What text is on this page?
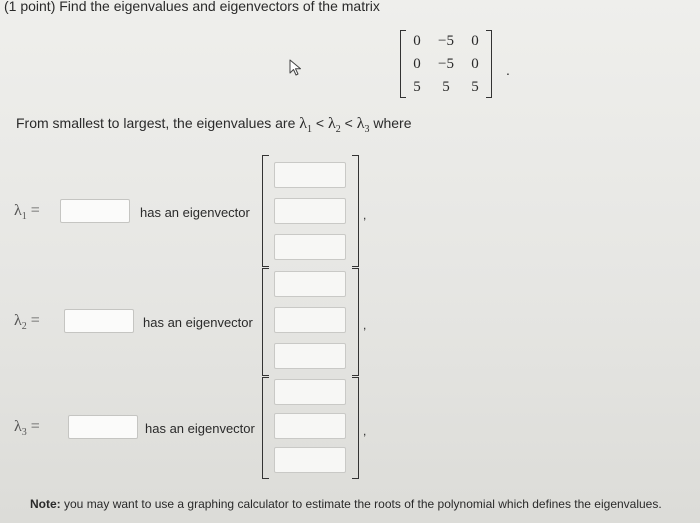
(1 point) Find the eigenvalues and eigenvectors of the matrix
0	−5	0
0	−5	0
5	5	5
.
From smallest to largest, the eigenvalues are $\lambda_1 < \lambda_2 < \lambda_3$ where
$\lambda_1$ =	has an eigenvector	,
$\lambda_2$ =	has an eigenvector	,
$\lambda_3$ =	has an eigenvector	,
Note: you may want to use a graphing calculator to estimate the roots of the polynomial which defines the eigenvalues.
